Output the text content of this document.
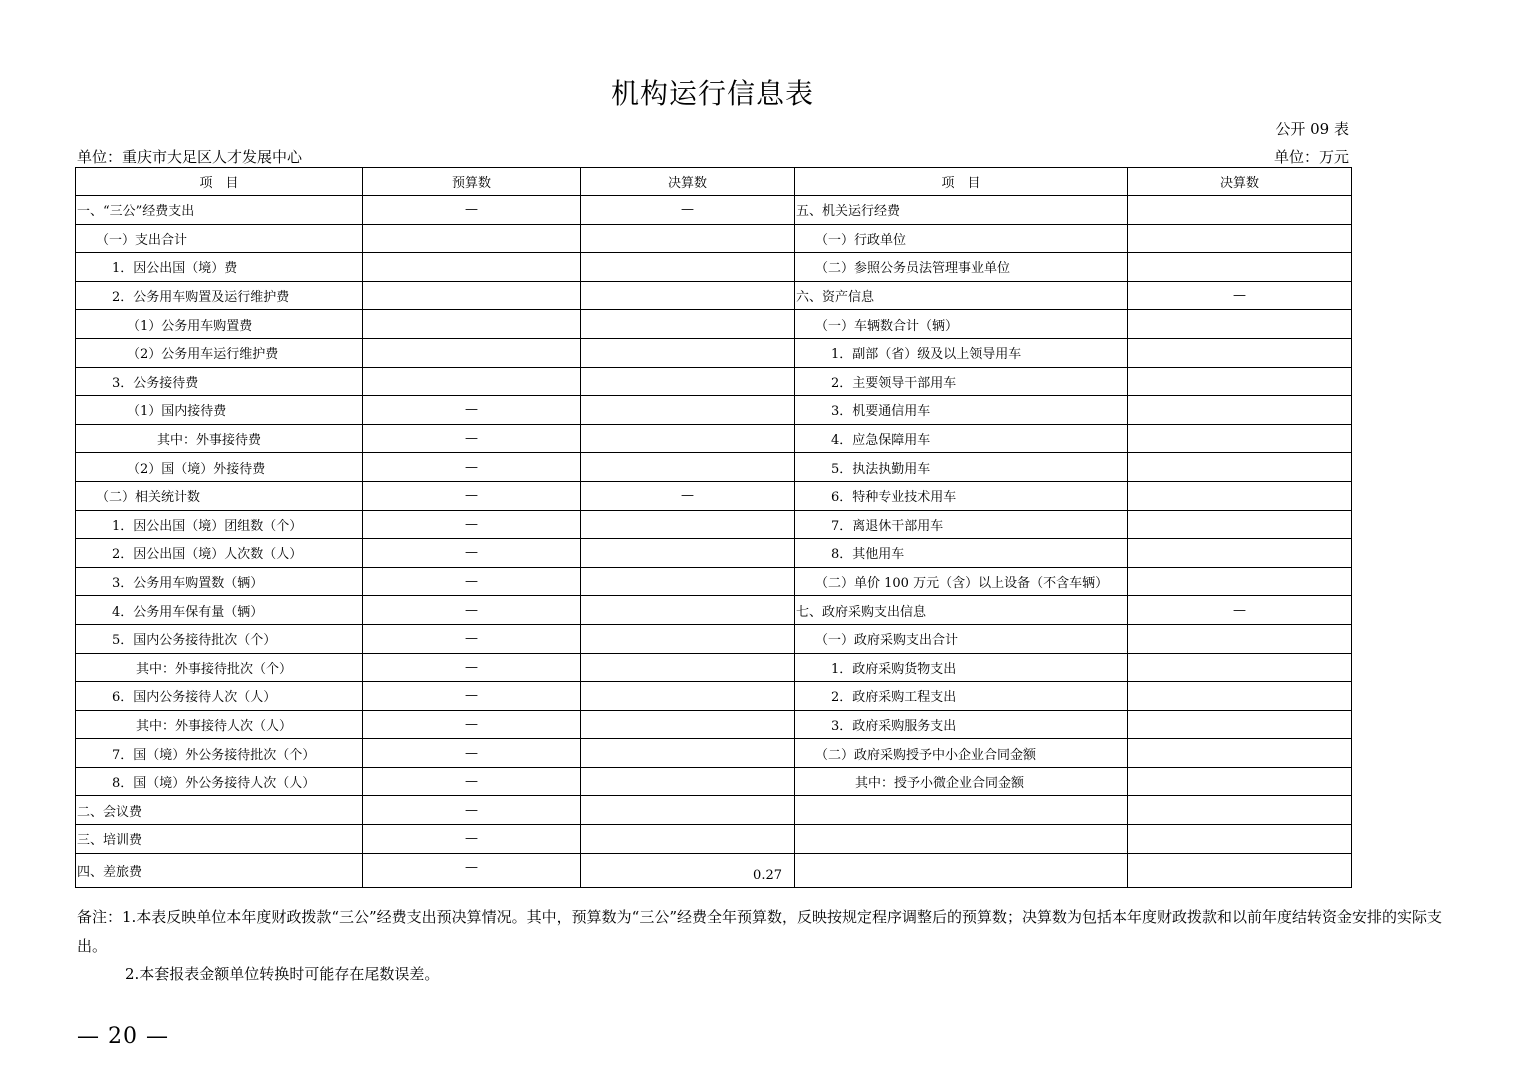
机构运行信息表
公开 09 表
单位：重庆市大足区人才发展中心	单位：万元
项　目	预算数	决算数	项　目	决算数
一、“三公”经费支出	—	—	五、机关运行经费	
（一）支出合计			（一）行政单位	
1．因公出国（境）费			（二）参照公务员法管理事业单位	
2．公务用车购置及运行维护费			六、资产信息	—
（1）公务用车购置费			（一）车辆数合计（辆）	
（2）公务用车运行维护费			1．副部（省）级及以上领导用车	
3．公务接待费			2．主要领导干部用车	
（1）国内接待费	—		3．机要通信用车	
其中：外事接待费	—		4．应急保障用车	
（2）国（境）外接待费	—		5．执法执勤用车	
（二）相关统计数	—	—	6．特种专业技术用车	
1．因公出国（境）团组数（个）	—		7．离退休干部用车	
2．因公出国（境）人次数（人）	—		8．其他用车	
3．公务用车购置数（辆）	—		（二）单价 100 万元（含）以上设备（不含车辆）	
4．公务用车保有量（辆）	—		七、政府采购支出信息	—
5．国内公务接待批次（个）	—		（一）政府采购支出合计	
其中：外事接待批次（个）	—		1．政府采购货物支出	
6．国内公务接待人次（人）	—		2．政府采购工程支出	
其中：外事接待人次（人）	—		3．政府采购服务支出	
7．国（境）外公务接待批次（个）	—		（二）政府采购授予中小企业合同金额	
8．国（境）外公务接待人次（人）	—		其中：授予小微企业合同金额	
二、会议费	—			
三、培训费	—			
四、差旅费	—	0.27		
备注：1.本表反映单位本年度财政拨款“三公”经费支出预决算情况。其中，预算数为“三公”经费全年预算数，反映按规定程序调整后的预算数；决算数为包括本年度财政拨款和以前年度结转资金安排的实际支出。
2.本套报表金额单位转换时可能存在尾数误差。
— 20 —
